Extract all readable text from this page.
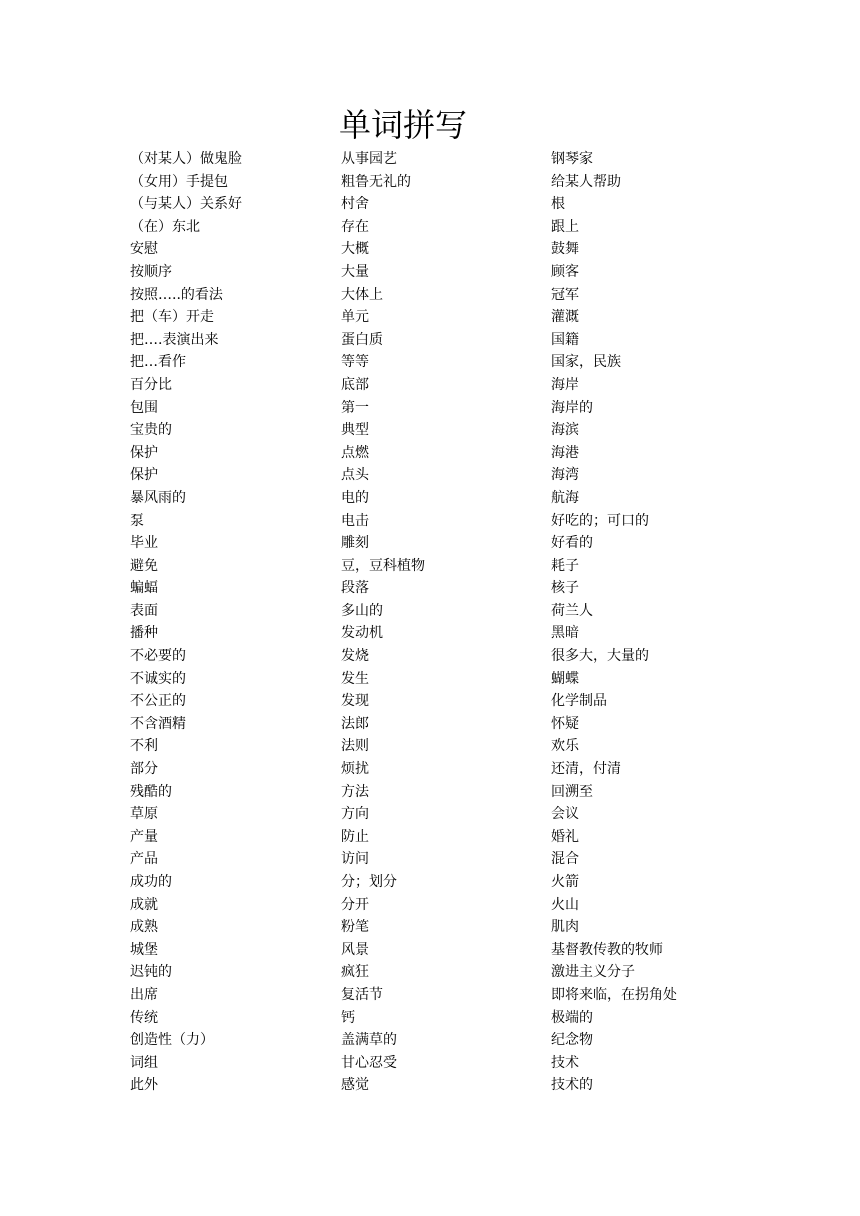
单词拼写
（对某人）做鬼脸
（女用）手提包
（与某人）关系好
（在）东北
安慰
按顺序
按照…..的看法
把（车）开走
把….表演出来
把…看作
百分比
包围
宝贵的
保护
保护
暴风雨的
泵
毕业
避免
蝙蝠
表面
播种
不必要的
不诚实的
不公正的
不含酒精
不利
部分
残酷的
草原
产量
产品
成功的
成就
成熟
城堡
迟钝的
出席
传统
创造性（力）
词组
此外
从事园艺
粗鲁无礼的
村舍
存在
大概
大量
大体上
单元
蛋白质
等等
底部
第一
典型
点燃
点头
电的
电击
雕刻
豆，豆科植物
段落
多山的
发动机
发烧
发生
发现
法郎
法则
烦扰
方法
方向
防止
访问
分；划分
分开
粉笔
风景
疯狂
复活节
钙
盖满草的
甘心忍受
感觉
钢琴家
给某人帮助
根
跟上
鼓舞
顾客
冠军
灌溉
国籍
国家，民族
海岸
海岸的
海滨
海港
海湾
航海
好吃的；可口的
好看的
耗子
核子
荷兰人
黑暗
很多大，大量的
蝴蝶
化学制品
怀疑
欢乐
还清，付清
回溯至
会议
婚礼
混合
火箭
火山
肌肉
基督教传教的牧师
激进主义分子
即将来临，在拐角处
极端的
纪念物
技术
技术的
